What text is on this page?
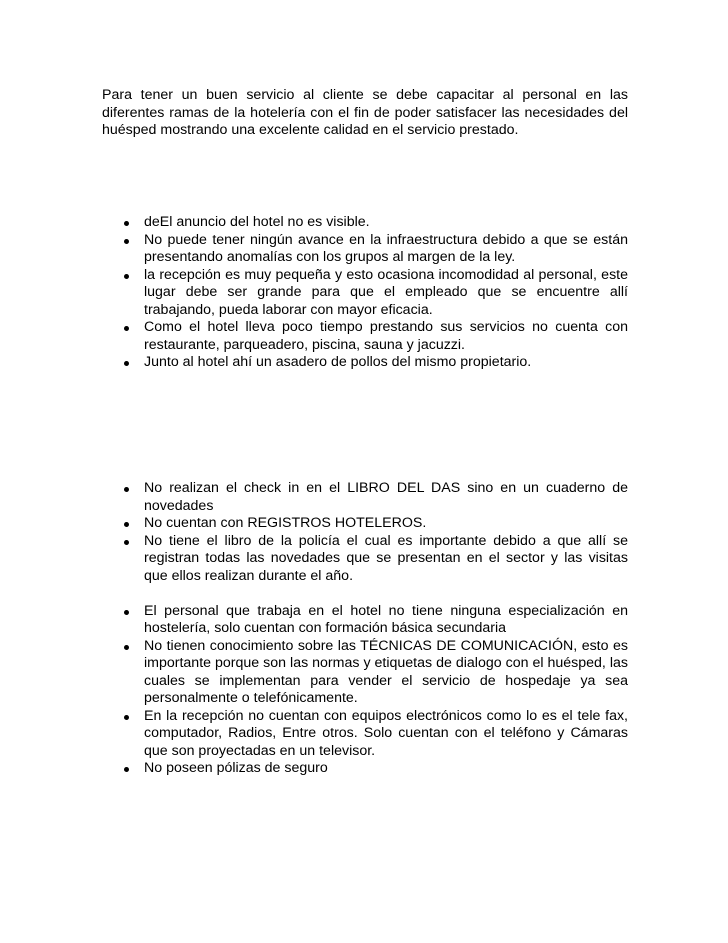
Para tener un buen servicio al cliente se debe capacitar al personal en las diferentes ramas de la hotelería con el fin de poder satisfacer las necesidades del huésped mostrando una excelente calidad en el servicio prestado.

deEl anuncio del hotel no es visible.
No puede tener ningún avance en la infraestructura debido a que se están presentando anomalías con los grupos al margen de la ley.
la recepción es muy pequeña y esto ocasiona incomodidad al personal, este lugar debe ser grande para que el empleado que se encuentre allí trabajando, pueda laborar con mayor eficacia.
Como el hotel lleva poco tiempo prestando sus servicios no cuenta con restaurante, parqueadero, piscina, sauna y jacuzzi.
Junto al hotel ahí un asadero de pollos del mismo propietario.
No realizan el check in en el LIBRO DEL DAS sino en un cuaderno de novedades
No cuentan con REGISTROS HOTELEROS.
No tiene el libro de la policía el cual es importante debido a que allí se registran todas las novedades que se presentan en el sector y las visitas que ellos realizan durante el año.
El personal que trabaja en el hotel no tiene ninguna especialización en hostelería, solo cuentan con formación básica secundaria
No tienen conocimiento sobre las TÉCNICAS DE COMUNICACIÓN, esto es importante porque son las normas y etiquetas de dialogo con el huésped, las cuales se implementan para vender el servicio de hospedaje ya sea personalmente o telefónicamente.
En la recepción no cuentan con equipos electrónicos como lo es el tele fax, computador, Radios, Entre otros. Solo cuentan con el teléfono y Cámaras que son proyectadas en un televisor.
No poseen pólizas de seguro
